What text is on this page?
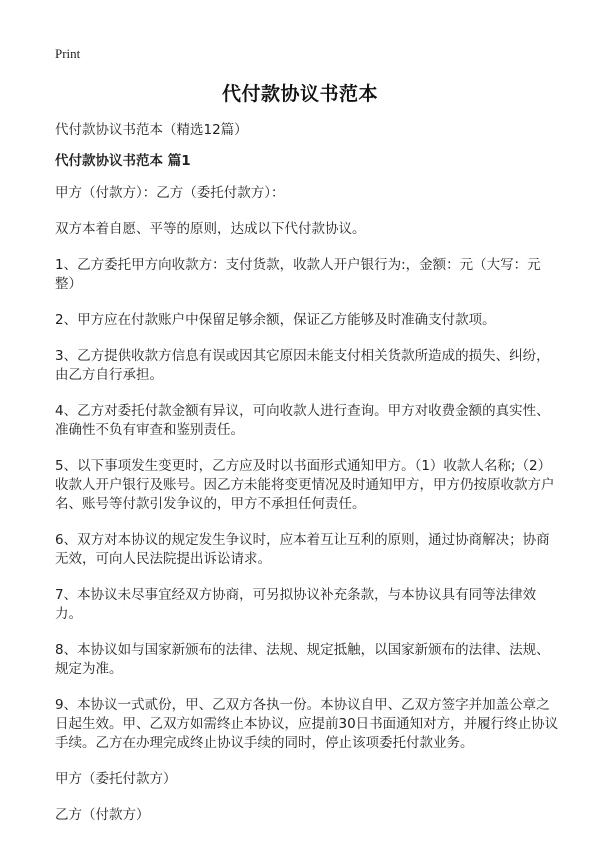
Print
代付款协议书范本

代付款协议书范本（精选12篇）

代付款协议书范本 篇1

甲方（付款方）：乙方（委托付款方）：

双方本着自愿、平等的原则，达成以下代付款协议。

1、乙方委托甲方向收款方：支付货款，收款人开户银行为:，金额：元（大写：元整）

2、甲方应在付款账户中保留足够余额，保证乙方能够及时准确支付款项。

3、乙方提供收款方信息有误或因其它原因未能支付相关货款所造成的损失、纠纷，由乙方自行承担。

4、乙方对委托付款金额有异议，可向收款人进行查询。甲方对收费金额的真实性、准确性不负有审查和鉴别责任。

5、以下事项发生变更时，乙方应及时以书面形式通知甲方。（1）收款人名称;（2）收款人开户银行及账号。因乙方未能将变更情况及时通知甲方，甲方仍按原收款方户名、账号等付款引发争议的，甲方不承担任何责任。

6、双方对本协议的规定发生争议时，应本着互让互利的原则，通过协商解决；协商无效，可向人民法院提出诉讼请求。

7、本协议未尽事宜经双方协商，可另拟协议补充条款，与本协议具有同等法律效力。

8、本协议如与国家新颁布的法律、法规、规定抵触，以国家新颁布的法律、法规、规定为准。

9、本协议一式贰份，甲、乙双方各执一份。本协议自甲、乙双方签字并加盖公章之日起生效。甲、乙双方如需终止本协议，应提前30日书面通知对方，并履行终止协议手续。乙方在办理完成终止协议手续的同时，停止该项委托付款业务。

甲方（委托付款方）

乙方（付款方）
